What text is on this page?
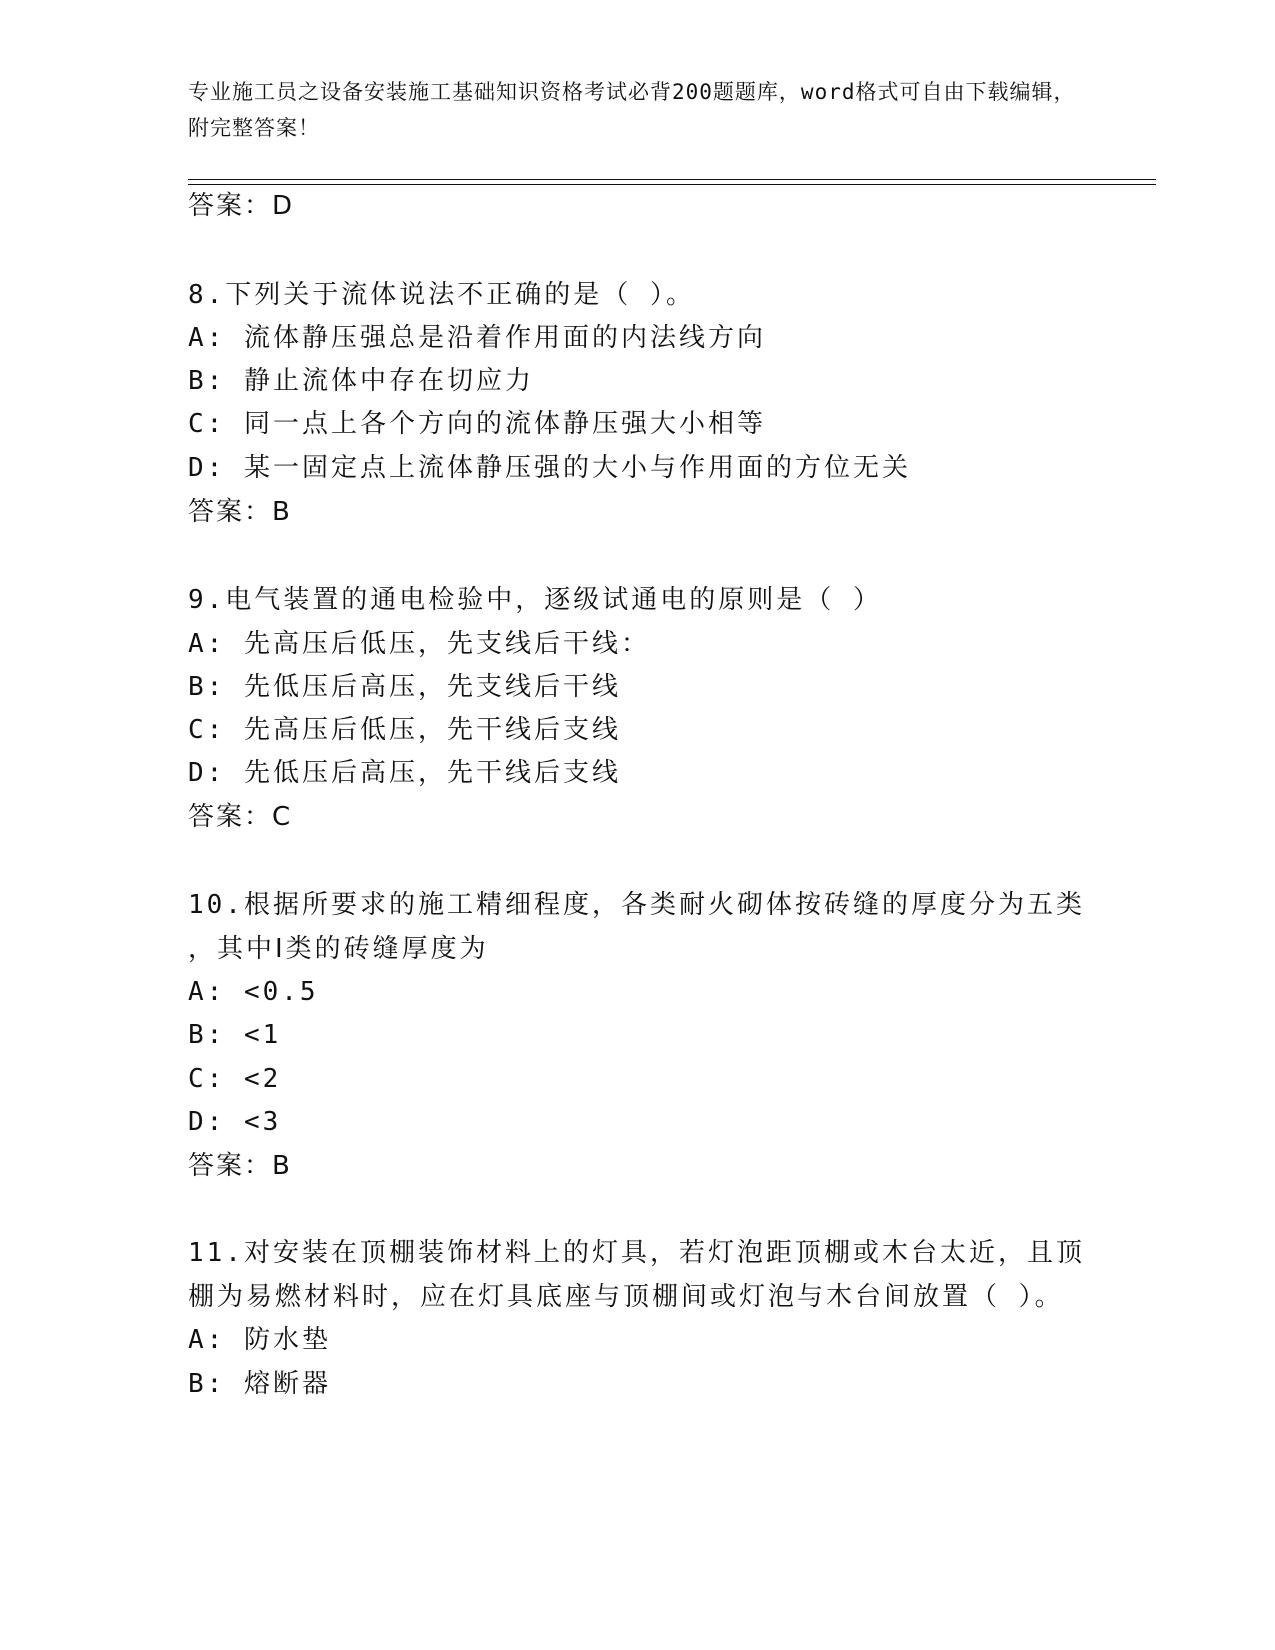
专业施工员之设备安装施工基础知识资格考试必背200题题库，word格式可自由下载编辑，附完整答案！
答案：D
8.下列关于流体说法不正确的是（ ）。
A: 流体静压强总是沿着作用面的内法线方向
B: 静止流体中存在切应力
C: 同一点上各个方向的流体静压强大小相等
D: 某一固定点上流体静压强的大小与作用面的方位无关
答案：B
9.电气装置的通电检验中，逐级试通电的原则是（ ）
A: 先高压后低压，先支线后干线：
B: 先低压后高压，先支线后干线
C: 先高压后低压，先干线后支线
D: 先低压后高压，先干线后支线
答案：C
10.根据所要求的施工精细程度，各类耐火砌体按砖缝的厚度分为五类
，其中Ⅰ类的砖缝厚度为
A: <0.5
B: <1
C: <2
D: <3
答案：B
11.对安装在顶棚装饰材料上的灯具，若灯泡距顶棚或木台太近，且顶
棚为易燃材料时，应在灯具底座与顶棚间或灯泡与木台间放置（ ）。
A: 防水垫
B: 熔断器
